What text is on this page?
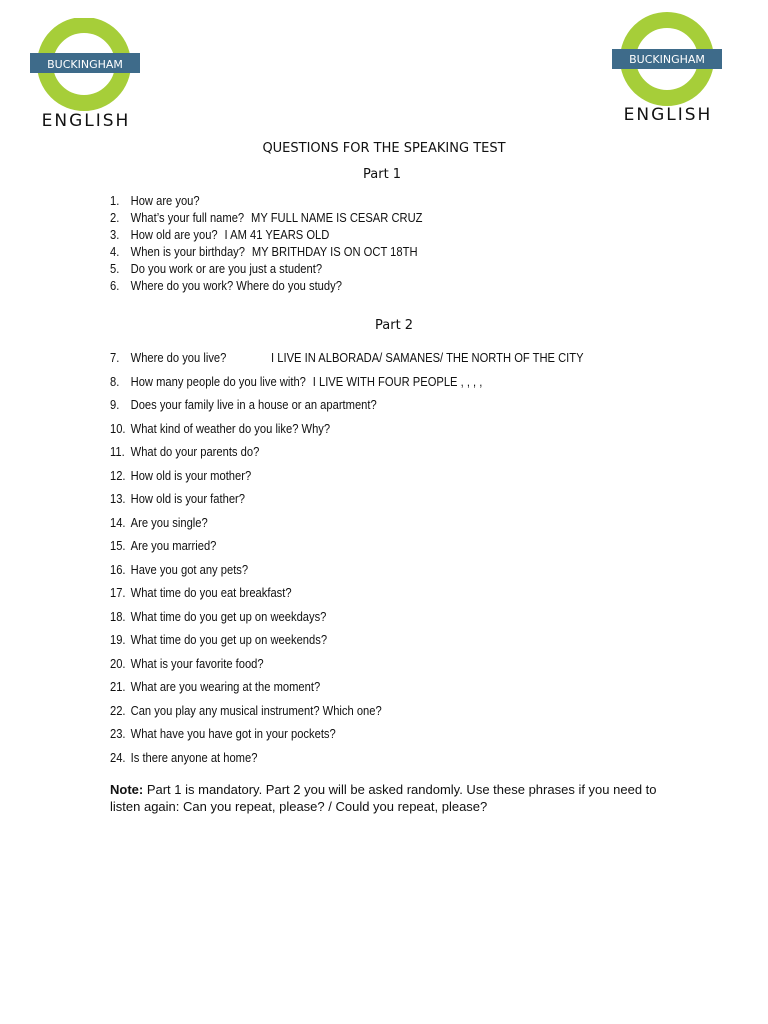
BUCKINGHAM
ENGLISH
BUCKINGHAM
ENGLISH
QUESTIONS FOR THE SPEAKING TEST
Part 1
1. How are you?
2. What’s your full name? MY FULL NAME IS CESAR CRUZ
3. How old are you? I AM 41 YEARS OLD
4. When is your birthday? MY BRITHDAY IS ON OCT 18TH
5. Do you work or are you just a student?
6. Where do you work? Where do you study?
Part 2
7. Where do you live?	I LIVE IN ALBORADA/ SAMANES/ THE NORTH OF THE CITY
8. How many people do you live with? I LIVE WITH FOUR PEOPLE , , , ,
9. Does your family live in a house or an apartment?
10. What kind of weather do you like? Why?
11. What do your parents do?
12. How old is your mother?
13. How old is your father?
14. Are you single?
15. Are you married?
16. Have you got any pets?
17. What time do you eat breakfast?
18. What time do you get up on weekdays?
19. What time do you get up on weekends?
20. What is your favorite food?
21. What are you wearing at the moment?
22. Can you play any musical instrument? Which one?
23. What have you have got in your pockets?
24. Is there anyone at home?
Note: Part 1 is mandatory. Part 2 you will be asked randomly. Use these phrases if you need to listen again: Can you repeat, please? / Could you repeat, please?
